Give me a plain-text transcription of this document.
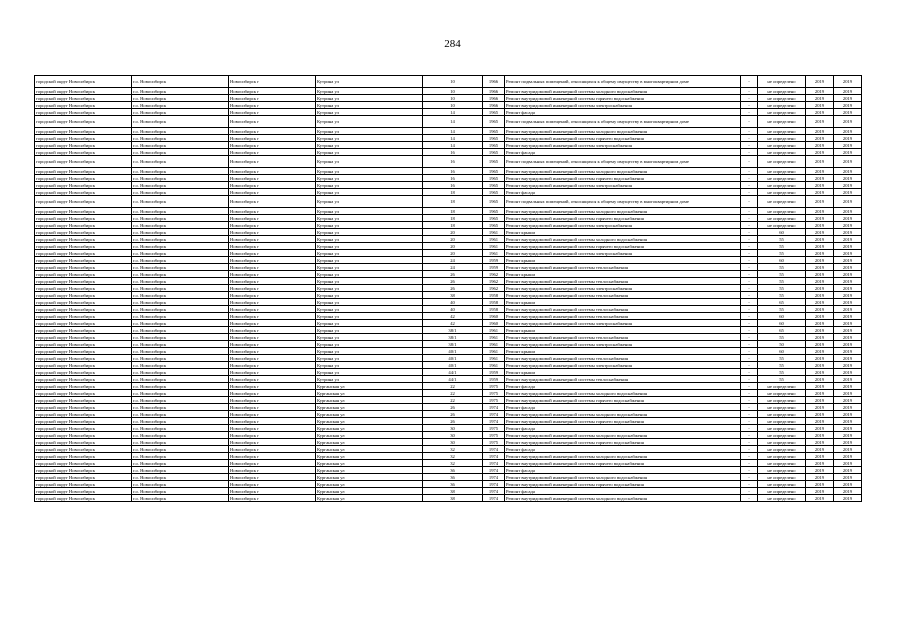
284
городской округ Новосибирск	г.о. Новосибирск	Новосибирск г	Кутрина ул	10	1966	Ремонт подвальных помещений, относящихся к общему имуществу в многоквартирном доме	-	не определено	2019	2019
городской округ Новосибирск	г.о. Новосибирск	Новосибирск г	Кутрина ул	10	1966	Ремонт внутридомовой инженерной системы холодного водоснабжения	-	не определено	2019	2019
городской округ Новосибирск	г.о. Новосибирск	Новосибирск г	Кутрина ул	10	1966	Ремонт внутридомовой инженерной системы горячего водоснабжения	-	не определено	2019	2019
городской округ Новосибирск	г.о. Новосибирск	Новосибирск г	Кутрина ул	10	1966	Ремонт внутридомовой инженерной системы электроснабжения	-	не определено	2019	2019
городской округ Новосибирск	г.о. Новосибирск	Новосибирск г	Кутрина ул	14	1965	Ремонт фасада	-	не определено	2019	2019
городской округ Новосибирск	г.о. Новосибирск	Новосибирск г	Кутрина ул	14	1965	Ремонт подвальных помещений, относящихся к общему имуществу в многоквартирном доме	-	не определено	2019	2019
городской округ Новосибирск	г.о. Новосибирск	Новосибирск г	Кутрина ул	14	1965	Ремонт внутридомовой инженерной системы холодного водоснабжения	-	не определено	2019	2019
городской округ Новосибирск	г.о. Новосибирск	Новосибирск г	Кутрина ул	14	1965	Ремонт внутридомовой инженерной системы горячего водоснабжения	-	не определено	2019	2019
городской округ Новосибирск	г.о. Новосибирск	Новосибирск г	Кутрина ул	14	1965	Ремонт внутридомовой инженерной системы электроснабжения	-	не определено	2019	2019
городской округ Новосибирск	г.о. Новосибирск	Новосибирск г	Кутрина ул	16	1965	Ремонт фасада	-	не определено	2019	2019
городской округ Новосибирск	г.о. Новосибирск	Новосибирск г	Кутрина ул	16	1965	Ремонт подвальных помещений, относящихся к общему имуществу в многоквартирном доме	-	не определено	2019	2019
городской округ Новосибирск	г.о. Новосибирск	Новосибирск г	Кутрина ул	16	1965	Ремонт внутридомовой инженерной системы холодного водоснабжения	-	не определено	2019	2019
городской округ Новосибирск	г.о. Новосибирск	Новосибирск г	Кутрина ул	16	1965	Ремонт внутридомовой инженерной системы горячего водоснабжения	-	не определено	2019	2019
городской округ Новосибирск	г.о. Новосибирск	Новосибирск г	Кутрина ул	16	1965	Ремонт внутридомовой инженерной системы электроснабжения	-	не определено	2019	2019
городской округ Новосибирск	г.о. Новосибирск	Новосибирск г	Кутрина ул	18	1965	Ремонт фасада	-	не определено	2019	2019
городской округ Новосибирск	г.о. Новосибирск	Новосибирск г	Кутрина ул	18	1965	Ремонт подвальных помещений, относящихся к общему имуществу в многоквартирном доме	-	не определено	2019	2019
городской округ Новосибирск	г.о. Новосибирск	Новосибирск г	Кутрина ул	18	1965	Ремонт внутридомовой инженерной системы холодного водоснабжения	-	не определено	2019	2019
городской округ Новосибирск	г.о. Новосибирск	Новосибирск г	Кутрина ул	18	1965	Ремонт внутридомовой инженерной системы горячего водоснабжения	-	не определено	2019	2019
городской округ Новосибирск	г.о. Новосибирск	Новосибирск г	Кутрина ул	18	1965	Ремонт внутридомовой инженерной системы электроснабжения	-	не определено	2019	2019
городской округ Новосибирск	г.о. Новосибирск	Новосибирск г	Кутрина ул	20	1961	Ремонт крыши	-	60	2019	2019
городской округ Новосибирск	г.о. Новосибирск	Новосибирск г	Кутрина ул	20	1961	Ремонт внутридомовой инженерной системы холодного водоснабжения	-	55	2019	2019
городской округ Новосибирск	г.о. Новосибирск	Новосибирск г	Кутрина ул	20	1961	Ремонт внутридомовой инженерной системы горячего водоснабжения	-	55	2019	2019
городской округ Новосибирск	г.о. Новосибирск	Новосибирск г	Кутрина ул	20	1961	Ремонт внутридомовой инженерной системы электроснабжения	-	55	2019	2019
городской округ Новосибирск	г.о. Новосибирск	Новосибирск г	Кутрина ул	24	1959	Ремонт крыши	-	60	2019	2019
городской округ Новосибирск	г.о. Новосибирск	Новосибирск г	Кутрина ул	24	1959	Ремонт внутридомовой инженерной системы теплоснабжения	-	55	2019	2019
городской округ Новосибирск	г.о. Новосибирск	Новосибирск г	Кутрина ул	26	1962	Ремонт крыши	-	55	2019	2019
городской округ Новосибирск	г.о. Новосибирск	Новосибирск г	Кутрина ул	26	1962	Ремонт внутридомовой инженерной системы теплоснабжения	-	55	2019	2019
городской округ Новосибирск	г.о. Новосибирск	Новосибирск г	Кутрина ул	26	1962	Ремонт внутридомовой инженерной системы электроснабжения	-	55	2019	2019
городской округ Новосибирск	г.о. Новосибирск	Новосибирск г	Кутрина ул	38	1958	Ремонт внутридомовой инженерной системы теплоснабжения	-	55	2019	2019
городской округ Новосибирск	г.о. Новосибирск	Новосибирск г	Кутрина ул	40	1958	Ремонт крыши	-	65	2019	2019
городской округ Новосибирск	г.о. Новосибирск	Новосибирск г	Кутрина ул	40	1958	Ремонт внутридомовой инженерной системы теплоснабжения	-	55	2019	2019
городской округ Новосибирск	г.о. Новосибирск	Новосибирск г	Кутрина ул	42	1960	Ремонт внутридомовой инженерной системы теплоснабжения	-	60	2019	2019
городской округ Новосибирск	г.о. Новосибирск	Новосибирск г	Кутрина ул	42	1960	Ремонт внутридомовой инженерной системы электроснабжения	-	60	2019	2019
городской округ Новосибирск	г.о. Новосибирск	Новосибирск г	Кутрина ул	38/1	1961	Ремонт крыши	-	65	2019	2019
городской округ Новосибирск	г.о. Новосибирск	Новосибирск г	Кутрина ул	38/1	1961	Ремонт внутридомовой инженерной системы теплоснабжения	-	55	2019	2019
городской округ Новосибирск	г.о. Новосибирск	Новосибирск г	Кутрина ул	38/1	1961	Ремонт внутридомовой инженерной системы электроснабжения	-	50	2019	2019
городской округ Новосибирск	г.о. Новосибирск	Новосибирск г	Кутрина ул	40/1	1961	Ремонт крыши	-	60	2019	2019
городской округ Новосибирск	г.о. Новосибирск	Новосибирск г	Кутрина ул	40/1	1961	Ремонт внутридомовой инженерной системы теплоснабжения	-	55	2019	2019
городской округ Новосибирск	г.о. Новосибирск	Новосибирск г	Кутрина ул	40/1	1961	Ремонт внутридомовой инженерной системы электроснабжения	-	55	2019	2019
городской округ Новосибирск	г.о. Новосибирск	Новосибирск г	Кутрина ул	44/1	1959	Ремонт крыши	-	55	2019	2019
городской округ Новосибирск	г.о. Новосибирск	Новосибирск г	Кутрина ул	44/1	1959	Ремонт внутридомовой инженерной системы теплоснабжения	-	55	2019	2019
городской округ Новосибирск	г.о. Новосибирск	Новосибирск г	Курганская ул	22	1975	Ремонт фасада	-	не определено	2019	2019
городской округ Новосибирск	г.о. Новосибирск	Новосибирск г	Курганская ул	22	1975	Ремонт внутридомовой инженерной системы холодного водоснабжения	-	не определено	2019	2019
городской округ Новосибирск	г.о. Новосибирск	Новосибирск г	Курганская ул	22	1975	Ремонт внутридомовой инженерной системы горячего водоснабжения	-	не определено	2019	2019
городской округ Новосибирск	г.о. Новосибирск	Новосибирск г	Курганская ул	26	1974	Ремонт фасада	-	не определено	2019	2019
городской округ Новосибирск	г.о. Новосибирск	Новосибирск г	Курганская ул	26	1974	Ремонт внутридомовой инженерной системы холодного водоснабжения	-	не определено	2019	2019
городской округ Новосибирск	г.о. Новосибирск	Новосибирск г	Курганская ул	26	1974	Ремонт внутридомовой инженерной системы горячего водоснабжения	-	не определено	2019	2019
городской округ Новосибирск	г.о. Новосибирск	Новосибирск г	Курганская ул	30	1975	Ремонт фасада	-	не определено	2019	2019
городской округ Новосибирск	г.о. Новосибирск	Новосибирск г	Курганская ул	30	1975	Ремонт внутридомовой инженерной системы холодного водоснабжения	-	не определено	2019	2019
городской округ Новосибирск	г.о. Новосибирск	Новосибирск г	Курганская ул	30	1975	Ремонт внутридомовой инженерной системы горячего водоснабжения	-	не определено	2019	2019
городской округ Новосибирск	г.о. Новосибирск	Новосибирск г	Курганская ул	32	1974	Ремонт фасада	-	не определено	2019	2019
городской округ Новосибирск	г.о. Новосибирск	Новосибирск г	Курганская ул	32	1974	Ремонт внутридомовой инженерной системы холодного водоснабжения	-	не определено	2019	2019
городской округ Новосибирск	г.о. Новосибирск	Новосибирск г	Курганская ул	32	1974	Ремонт внутридомовой инженерной системы горячего водоснабжения	-	не определено	2019	2019
городской округ Новосибирск	г.о. Новосибирск	Новосибирск г	Курганская ул	36	1974	Ремонт фасада	-	не определено	2019	2019
городской округ Новосибирск	г.о. Новосибирск	Новосибирск г	Курганская ул	36	1974	Ремонт внутридомовой инженерной системы холодного водоснабжения	-	не определено	2019	2019
городской округ Новосибирск	г.о. Новосибирск	Новосибирск г	Курганская ул	36	1974	Ремонт внутридомовой инженерной системы горячего водоснабжения	-	не определено	2019	2019
городской округ Новосибирск	г.о. Новосибирск	Новосибирск г	Курганская ул	38	1974	Ремонт фасада	-	не определено	2019	2019
городской округ Новосибирск	г.о. Новосибирск	Новосибирск г	Курганская ул	38	1974	Ремонт внутридомовой инженерной системы холодного водоснабжения	-	не определено	2019	2019
